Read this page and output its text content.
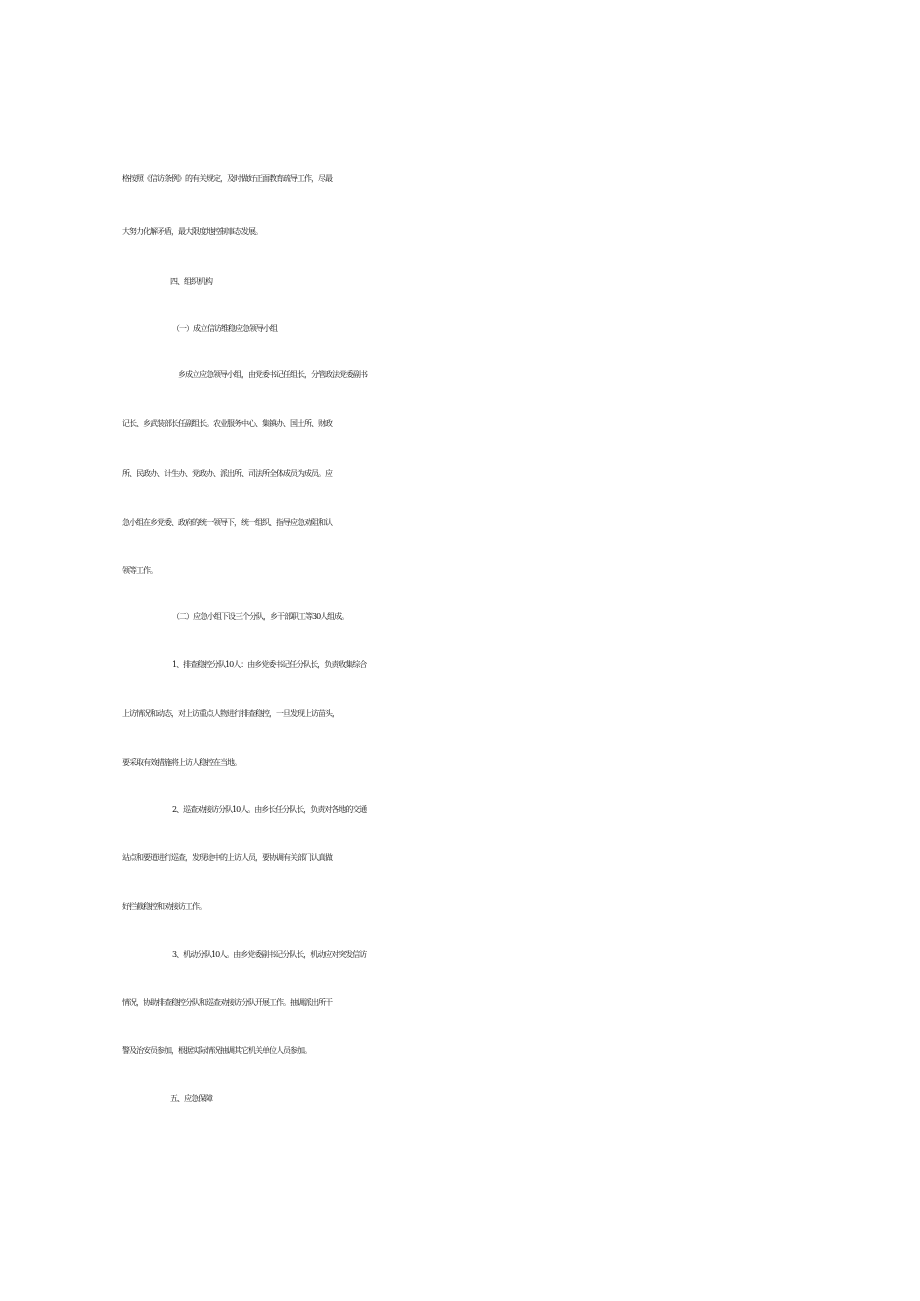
格按照《信访条例》的有关规定，及时做好正面教育疏导工作，尽最
大努力化解矛盾，最大限度地控制事态发展。
四、组织机构
（一）成立信访维稳应急领导小组
乡成立应急领导小组，由党委书记任组长，分管政法党委副书
记长、乡武装部长任副组长。农业服务中心、集镇办、国土所、财政
所、民政办、计生办、党政办、派出所、司法所全体成员为成员。应
急小组在乡党委、政府的统一领导下，统一组织、指导应急劝阻和认
领等工作。
（二）应急小组下设三个分队，乡干部职工等30人组成。
1、排查稳控分队10人：由乡党委书记任分队长，负责收集综合
上访情况和动态，对上访重点人物进行排查稳控，一旦发现上访苗头，
要采取有效措施将上访人稳控在当地。
2、巡查劝接访分队10人。由乡长任分队长，负责对各地的交通
站点和要道进行巡查，发现途中的上访人员，要协调有关部门认真做
好拦截稳控和劝接访工作。
3、机动分队10人。由乡党委副书记分队长，机动应对突发信访
情况，协助排查稳控分队和巡查劝接访分队开展工作。抽调派出所干
警及治安员参加，根据实际情况抽调其它机关单位人员参加。
五、应急保障
